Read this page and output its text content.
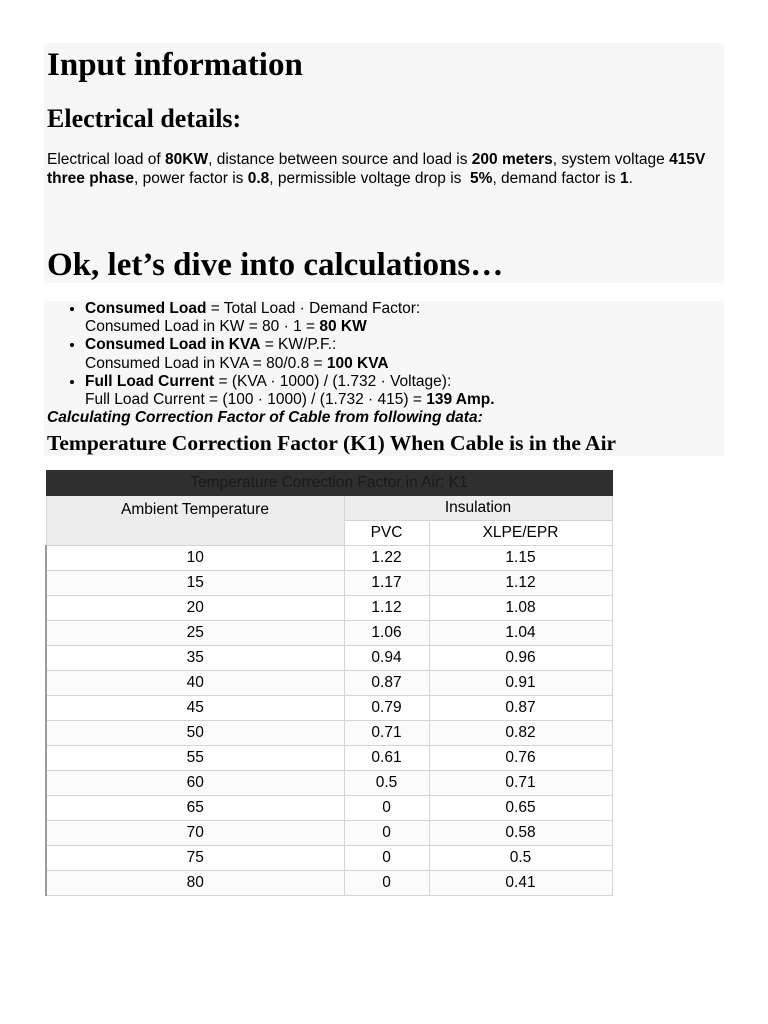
Input information
Electrical details:

Electrical load of 80KW, distance between source and load is 200 meters, system voltage 415V three phase, power factor is 0.8, permissible voltage drop is  5%, demand factor is 1.

Ok, let’s dive into calculations…
• Consumed Load = Total Load · Demand Factor:
Consumed Load in KW = 80 · 1 = 80 KW
• Consumed Load in KVA = KW/P.F.:
Consumed Load in KVA = 80/0.8 = 100 KVA
• Full Load Current = (KVA · 1000) / (1.732 · Voltage):
Full Load Current = (100 · 1000) / (1.732 · 415) = 139 Amp.

Calculating Correction Factor of Cable from following data:

Temperature Correction Factor (K1) When Cable is in the Air
Temperature Correction Factor in Air: K1		
Ambient Temperature	Insulation	
	PVC	XLPE/EPR
10	1.22	1.15
15	1.17	1.12
20	1.12	1.08
25	1.06	1.04
35	0.94	0.96
40	0.87	0.91
45	0.79	0.87
50	0.71	0.82
55	0.61	0.76
60	0.5	0.71
65	0	0.65
70	0	0.58
75	0	0.5
80	0	0.41
